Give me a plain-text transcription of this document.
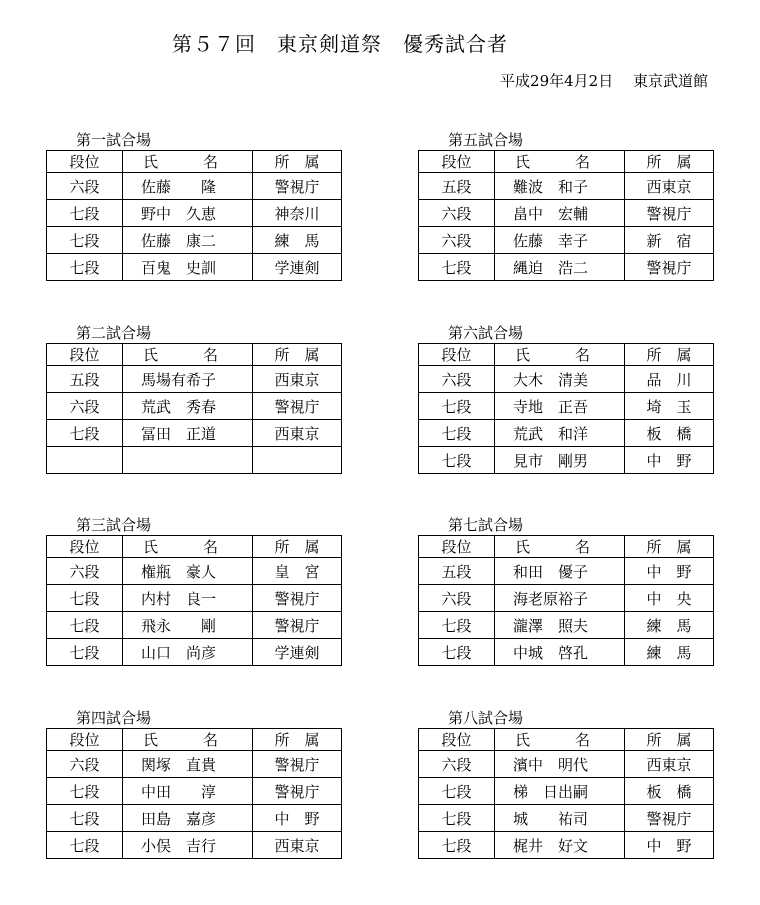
第５７回　東京剣道祭　優秀試合者
平成29年4月2日　 東京武道館
第一試合場
段位	氏　　　名	所　属
六段	佐藤　　隆	警視庁
七段	野中　久恵	神奈川
七段	佐藤　康二	練　馬
七段	百鬼　史訓	学連剣
第五試合場
段位	氏　　　名	所　属
五段	難波　和子	西東京
六段	畠中　宏輔	警視庁
六段	佐藤　幸子	新　宿
七段	縄迫　浩二	警視庁
第二試合場
段位	氏　　　名	所　属
五段	馬場有希子	西東京
六段	荒武　秀春	警視庁
七段	冨田　正道	西東京

第六試合場
段位	氏　　　名	所　属
六段	大木　清美	品　川
七段	寺地　正吾	埼　玉
七段	荒武　和洋	板　橋
七段	見市　剛男	中　野
第三試合場
段位	氏　　　名	所　属
六段	権瓶　豪人	皇　宮
七段	内村　良一	警視庁
七段	飛永　　剛	警視庁
七段	山口　尚彦	学連剣
第七試合場
段位	氏　　　名	所　属
五段	和田　優子	中　野
六段	海老原裕子	中　央
七段	瀧澤　照夫	練　馬
七段	中城　啓孔	練　馬
第四試合場
段位	氏　　　名	所　属
六段	関塚　直貴	警視庁
七段	中田　　淳	警視庁
七段	田島　嘉彦	中　野
七段	小俣　吉行	西東京
第八試合場
段位	氏　　　名	所　属
六段	濱中　明代	西東京
七段	梯　日出嗣	板　橋
七段	城　　祐司	警視庁
七段	梶井　好文	中　野
